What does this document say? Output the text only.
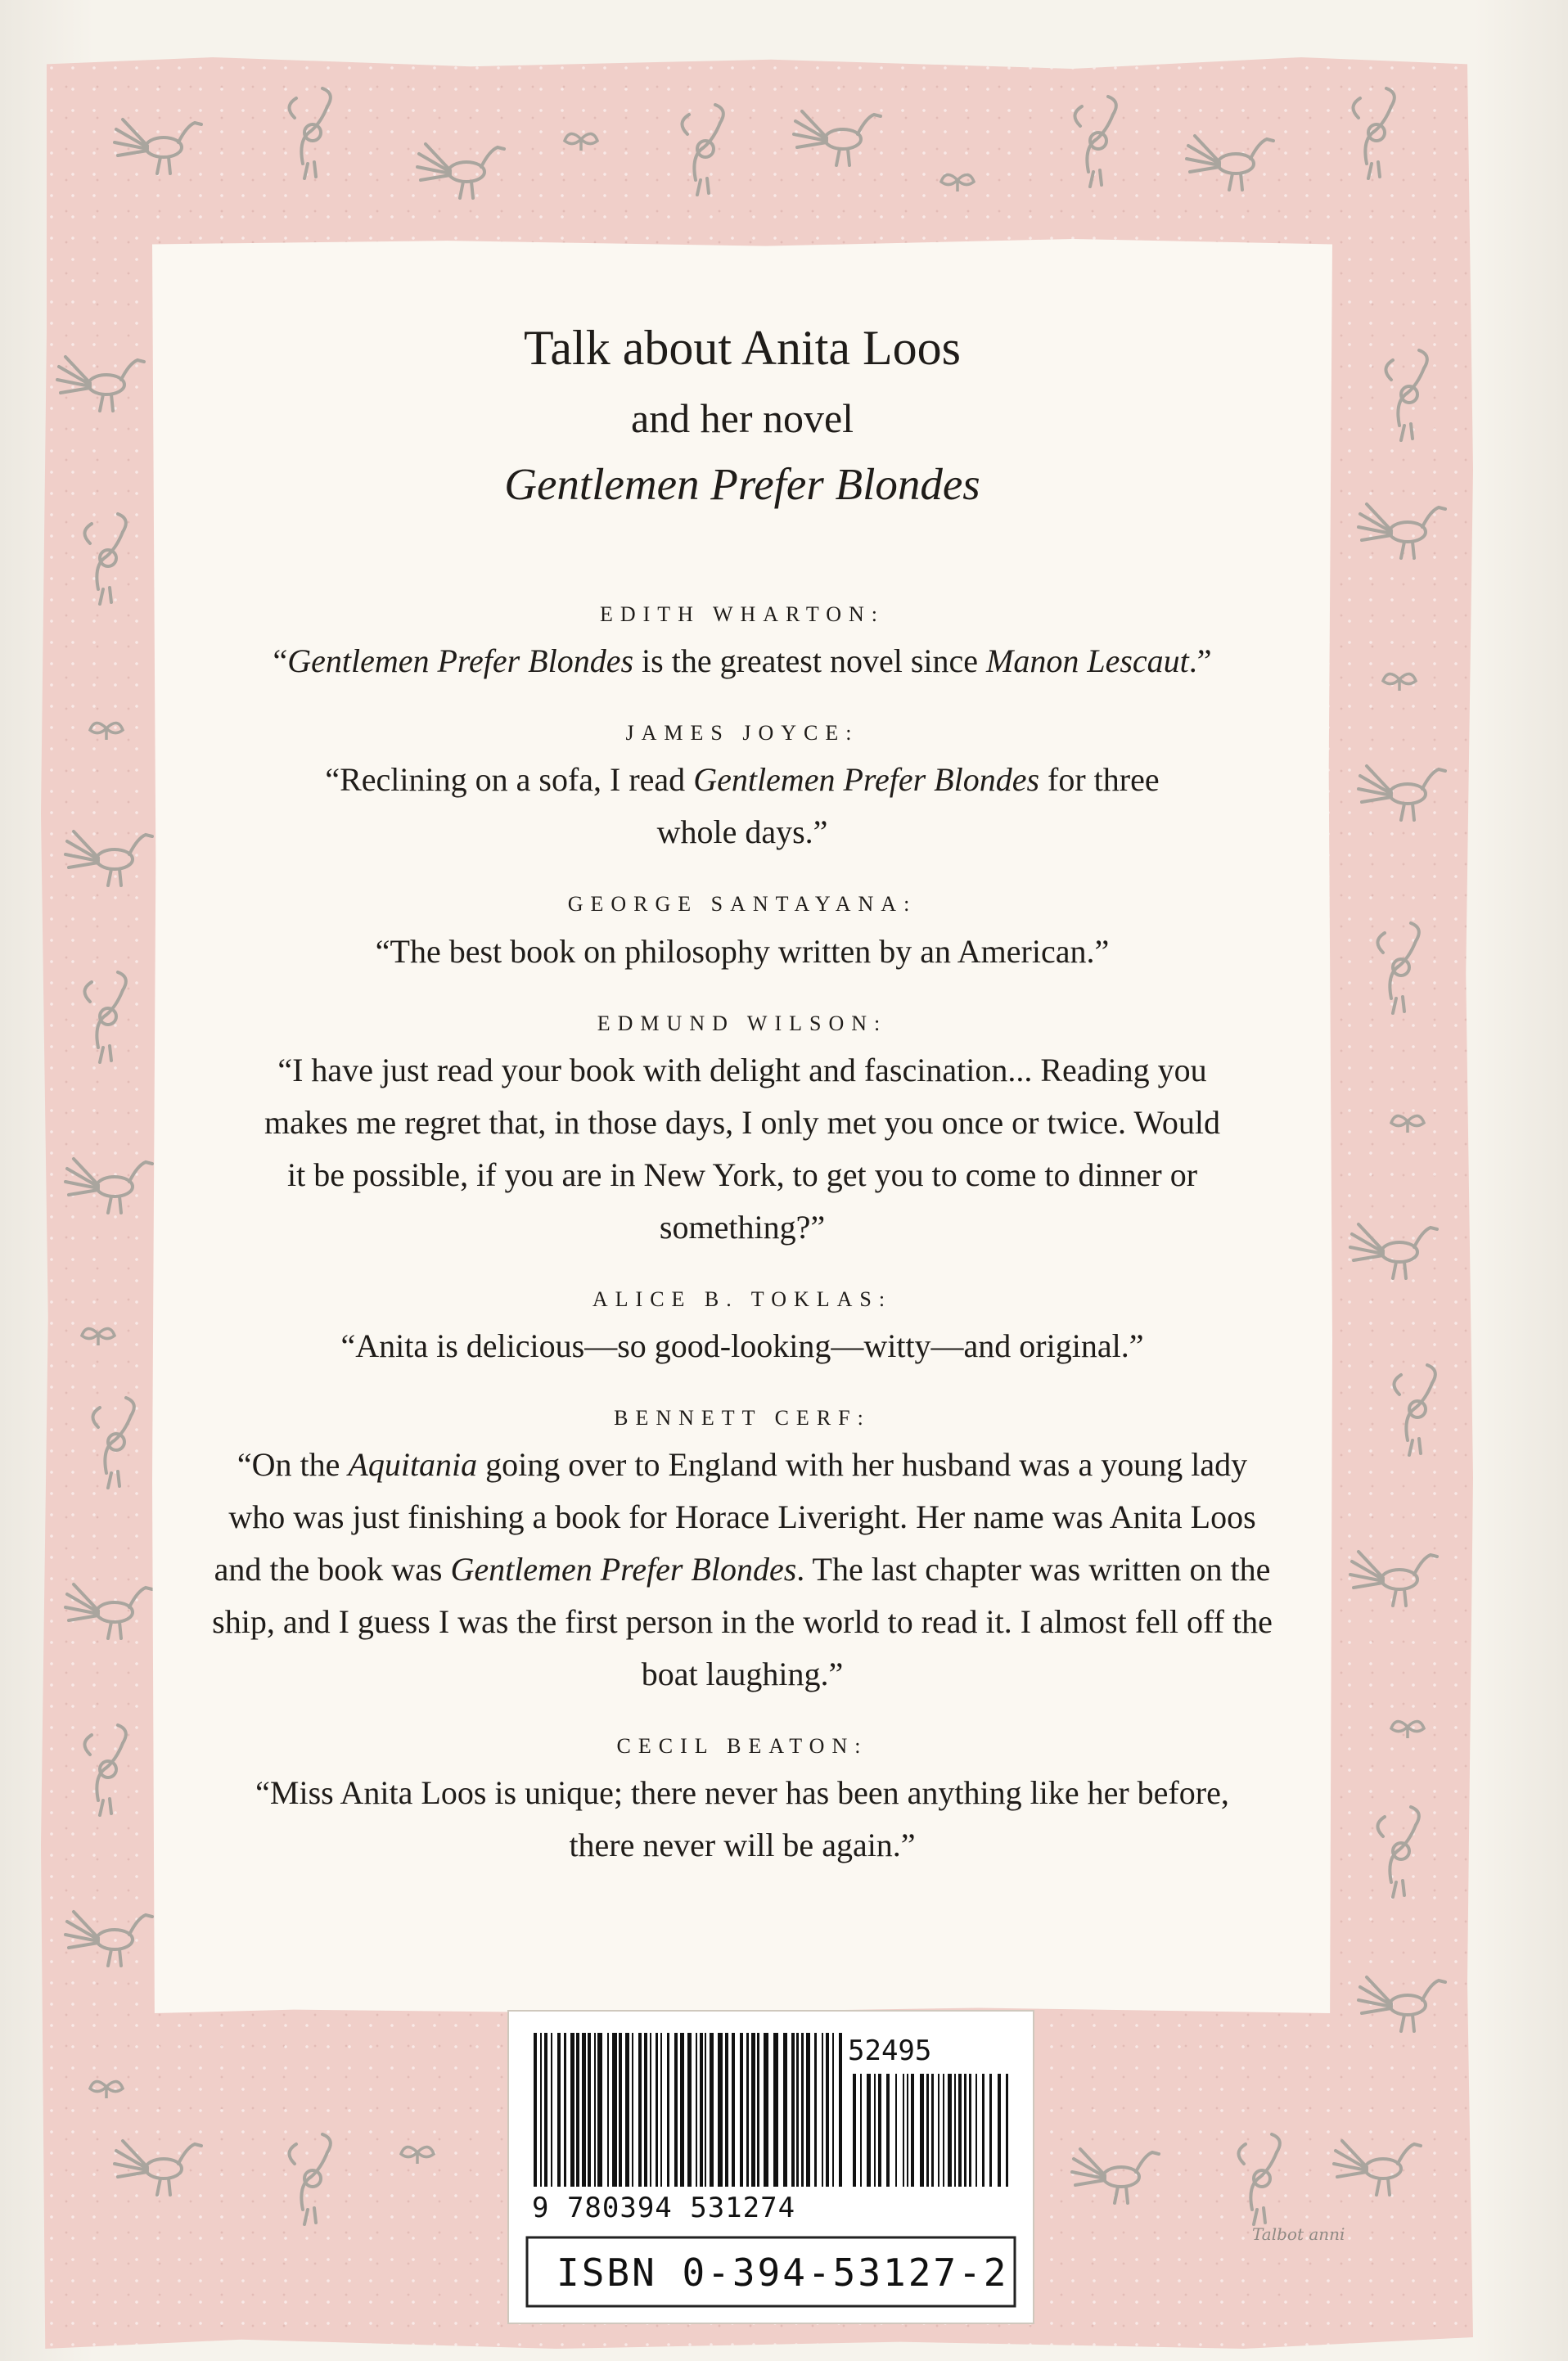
Talk about Anita Loos
and her novel
Gentlemen Prefer Blondes
EDITH WHARTON:
“Gentlemen Prefer Blondes is the greatest novel since Manon Lescaut.”
JAMES JOYCE:
“Reclining on a sofa, I read Gentlemen Prefer Blondes for three whole days.”
GEORGE SANTAYANA:
“The best book on philosophy written by an American.”
EDMUND WILSON:
“I have just read your book with delight and fascination... Reading you makes me regret that, in those days, I only met you once or twice. Would it be possible, if you are in New York, to get you to come to dinner or something?”
ALICE B. TOKLAS:
“Anita is delicious—so good-looking—witty—and original.”
BENNETT CERF:
“On the Aquitania going over to England with her husband was a young lady who was just finishing a book for Horace Liveright. Her name was Anita Loos and the book was Gentlemen Prefer Blondes. The last chapter was written on the ship, and I guess I was the first person in the world to read it. I almost fell off the boat laughing.”
CECIL BEATON:
“Miss Anita Loos is unique; there never has been anything like her before, there never will be again.”
52495
9 780394 531274
ISBN 0-394-53127-2
Talbot anni
